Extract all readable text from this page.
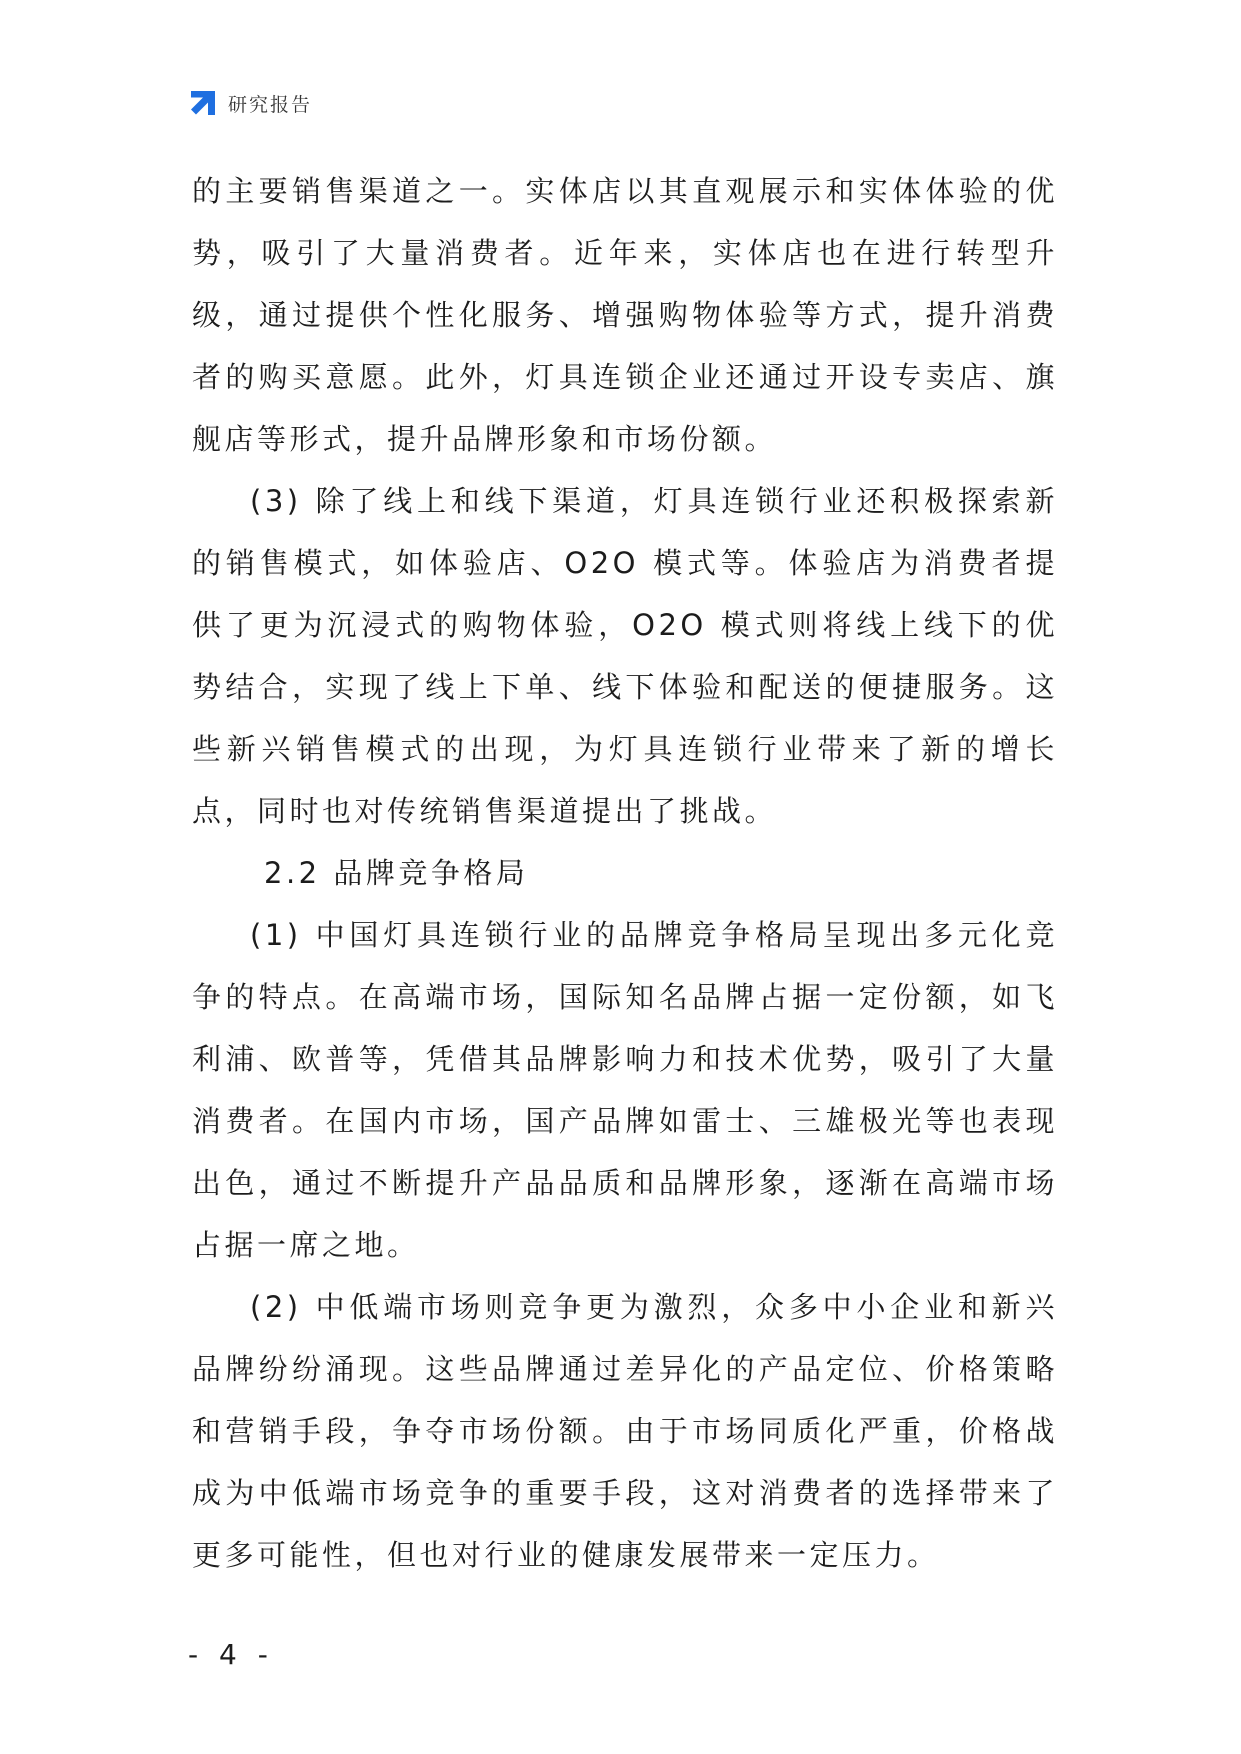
研究报告

的主要销售渠道之一。实体店以其直观展示和实体体验的优势，吸引了大量消费者。近年来，实体店也在进行转型升级，通过提供个性化服务、增强购物体验等方式，提升消费者的购买意愿。此外，灯具连锁企业还通过开设专卖店、旗舰店等形式，提升品牌形象和市场份额。

(3) 除了线上和线下渠道，灯具连锁行业还积极探索新的销售模式，如体验店、O2O 模式等。体验店为消费者提供了更为沉浸式的购物体验，O2O 模式则将线上线下的优势结合，实现了线上下单、线下体验和配送的便捷服务。这些新兴销售模式的出现，为灯具连锁行业带来了新的增长点，同时也对传统销售渠道提出了挑战。

2.2 品牌竞争格局

(1) 中国灯具连锁行业的品牌竞争格局呈现出多元化竞争的特点。在高端市场，国际知名品牌占据一定份额，如飞利浦、欧普等，凭借其品牌影响力和技术优势，吸引了大量消费者。在国内市场，国产品牌如雷士、三雄极光等也表现出色，通过不断提升产品品质和品牌形象，逐渐在高端市场占据一席之地。

(2) 中低端市场则竞争更为激烈，众多中小企业和新兴品牌纷纷涌现。这些品牌通过差异化的产品定位、价格策略和营销手段，争夺市场份额。由于市场同质化严重，价格战成为中低端市场竞争的重要手段，这对消费者的选择带来了更多可能性，但也对行业的健康发展带来一定压力。

- 4 -
